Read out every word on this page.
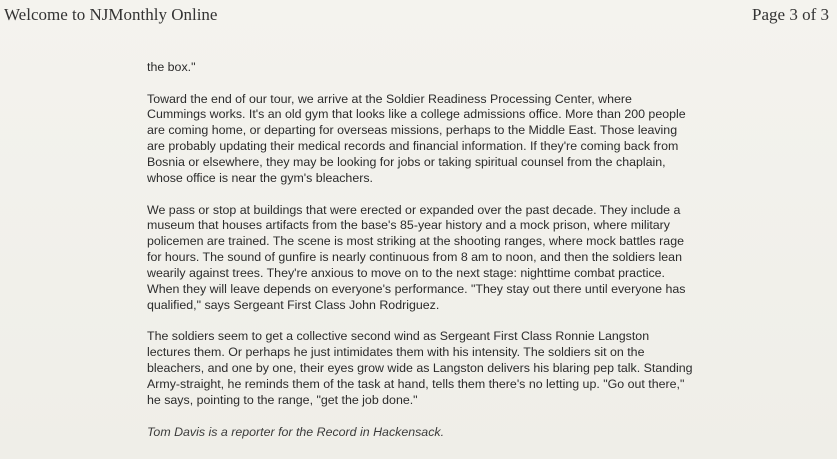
Welcome to NJMonthly Online	Page 3 of 3
the box."
Toward the end of our tour, we arrive at the Soldier Readiness Processing Center, where
Cummings works. It's an old gym that looks like a college admissions office. More than 200 people
are coming home, or departing for overseas missions, perhaps to the Middle East. Those leaving
are probably updating their medical records and financial information. If they're coming back from
Bosnia or elsewhere, they may be looking for jobs or taking spiritual counsel from the chaplain,
whose office is near the gym's bleachers.
We pass or stop at buildings that were erected or expanded over the past decade. They include a
museum that houses artifacts from the base's 85-year history and a mock prison, where military
policemen are trained. The scene is most striking at the shooting ranges, where mock battles rage
for hours. The sound of gunfire is nearly continuous from 8 am to noon, and then the soldiers lean
wearily against trees. They're anxious to move on to the next stage: nighttime combat practice.
When they will leave depends on everyone's performance. "They stay out there until everyone has
qualified," says Sergeant First Class John Rodriguez.
The soldiers seem to get a collective second wind as Sergeant First Class Ronnie Langston
lectures them. Or perhaps he just intimidates them with his intensity. The soldiers sit on the
bleachers, and one by one, their eyes grow wide as Langston delivers his blaring pep talk. Standing
Army-straight, he reminds them of the task at hand, tells them there's no letting up. "Go out there,"
he says, pointing to the range, "get the job done."
Tom Davis is a reporter for the Record in Hackensack.
